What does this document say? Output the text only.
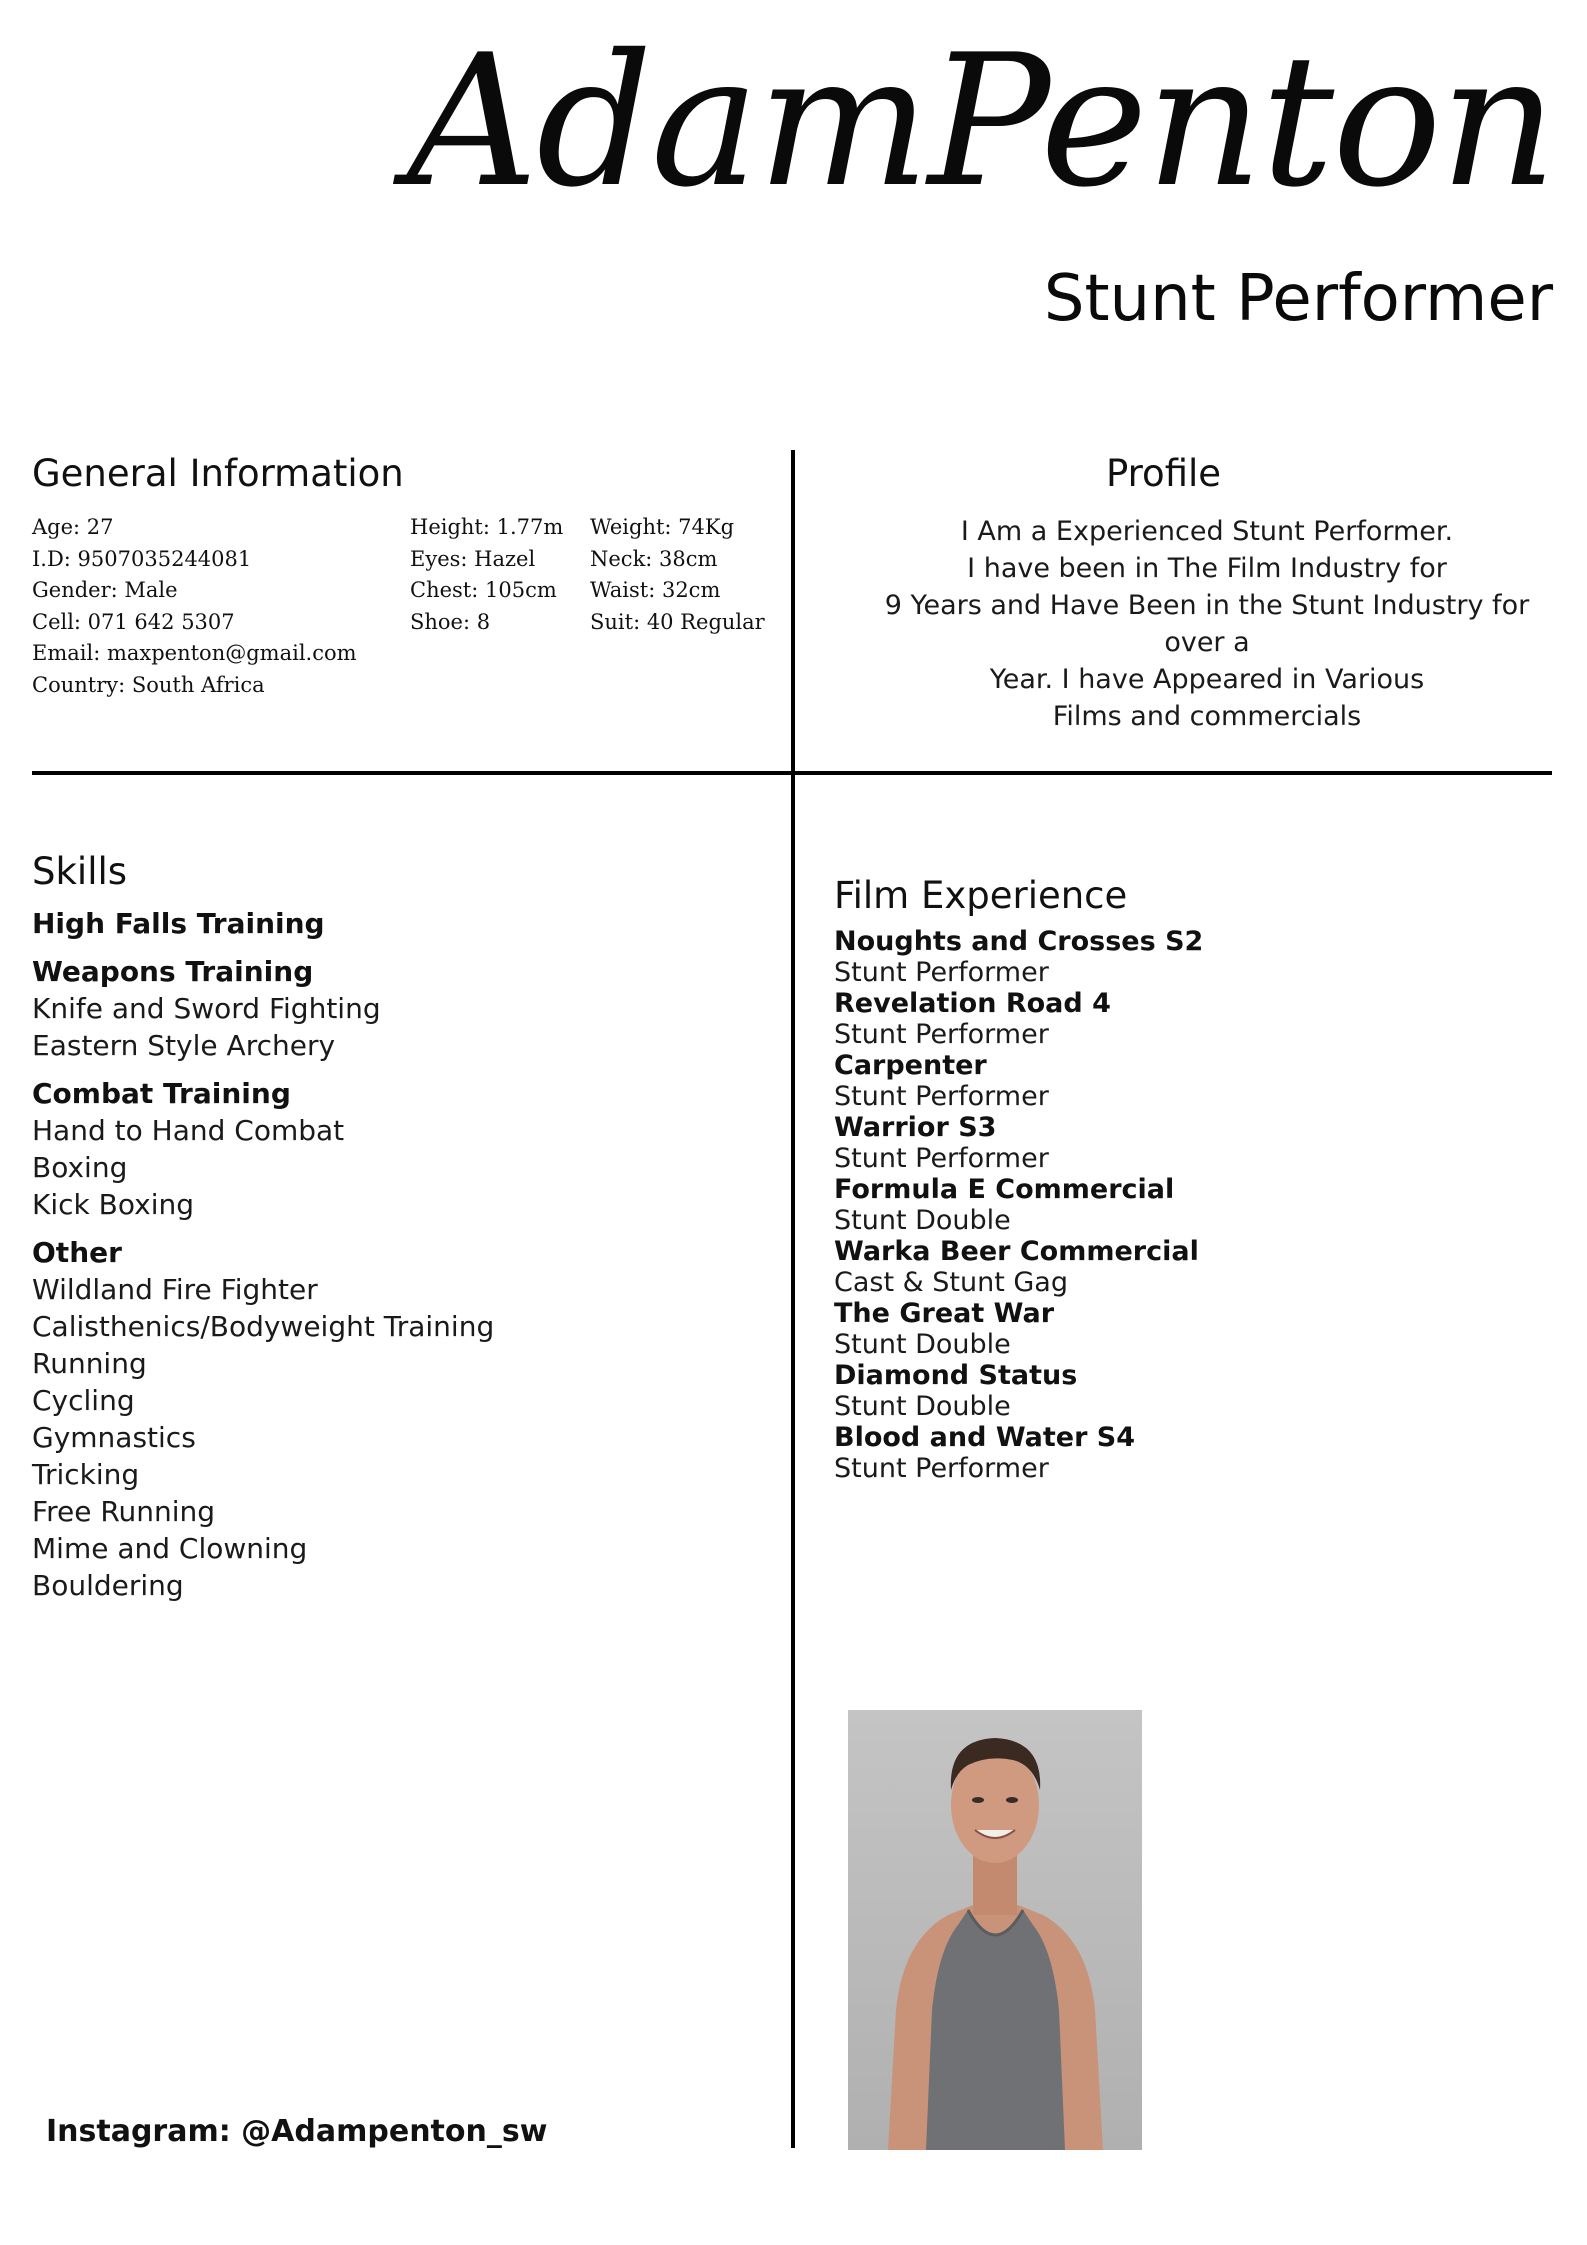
AdamPenton
Stunt Performer
General Information
Age: 27
I.D: 9507035244081
Gender: Male
Cell: 071 642 5307
Email: maxpenton@gmail.com
Country: South Africa
Height: 1.77m
Eyes: Hazel
Chest: 105cm
Shoe: 8
Weight: 74Kg
Neck: 38cm
Waist: 32cm
Suit: 40 Regular
Profile
I Am a Experienced Stunt Performer.
I have been in The Film Industry for
9 Years and Have Been in the Stunt Industry for over a
Year. I have Appeared in Various
Films and commercials
Skills
High Falls Training
Weapons Training
Knife and Sword Fighting
Eastern Style Archery
Combat Training
Hand to Hand Combat
Boxing
Kick Boxing
Other
Wildland Fire Fighter
Calisthenics/Bodyweight Training
Running
Cycling
Gymnastics
Tricking
Free Running
Mime and Clowning
Bouldering
Film Experience
Noughts and Crosses S2
Stunt Performer
Revelation Road 4
Stunt Performer
Carpenter
Stunt Performer
Warrior S3
Stunt Performer
Formula E Commercial
Stunt Double
Warka Beer Commercial
Cast & Stunt Gag
The Great War
Stunt Double
Diamond Status
Stunt Double
Blood and Water S4
Stunt Performer
Instagram: @Adampenton_sw
